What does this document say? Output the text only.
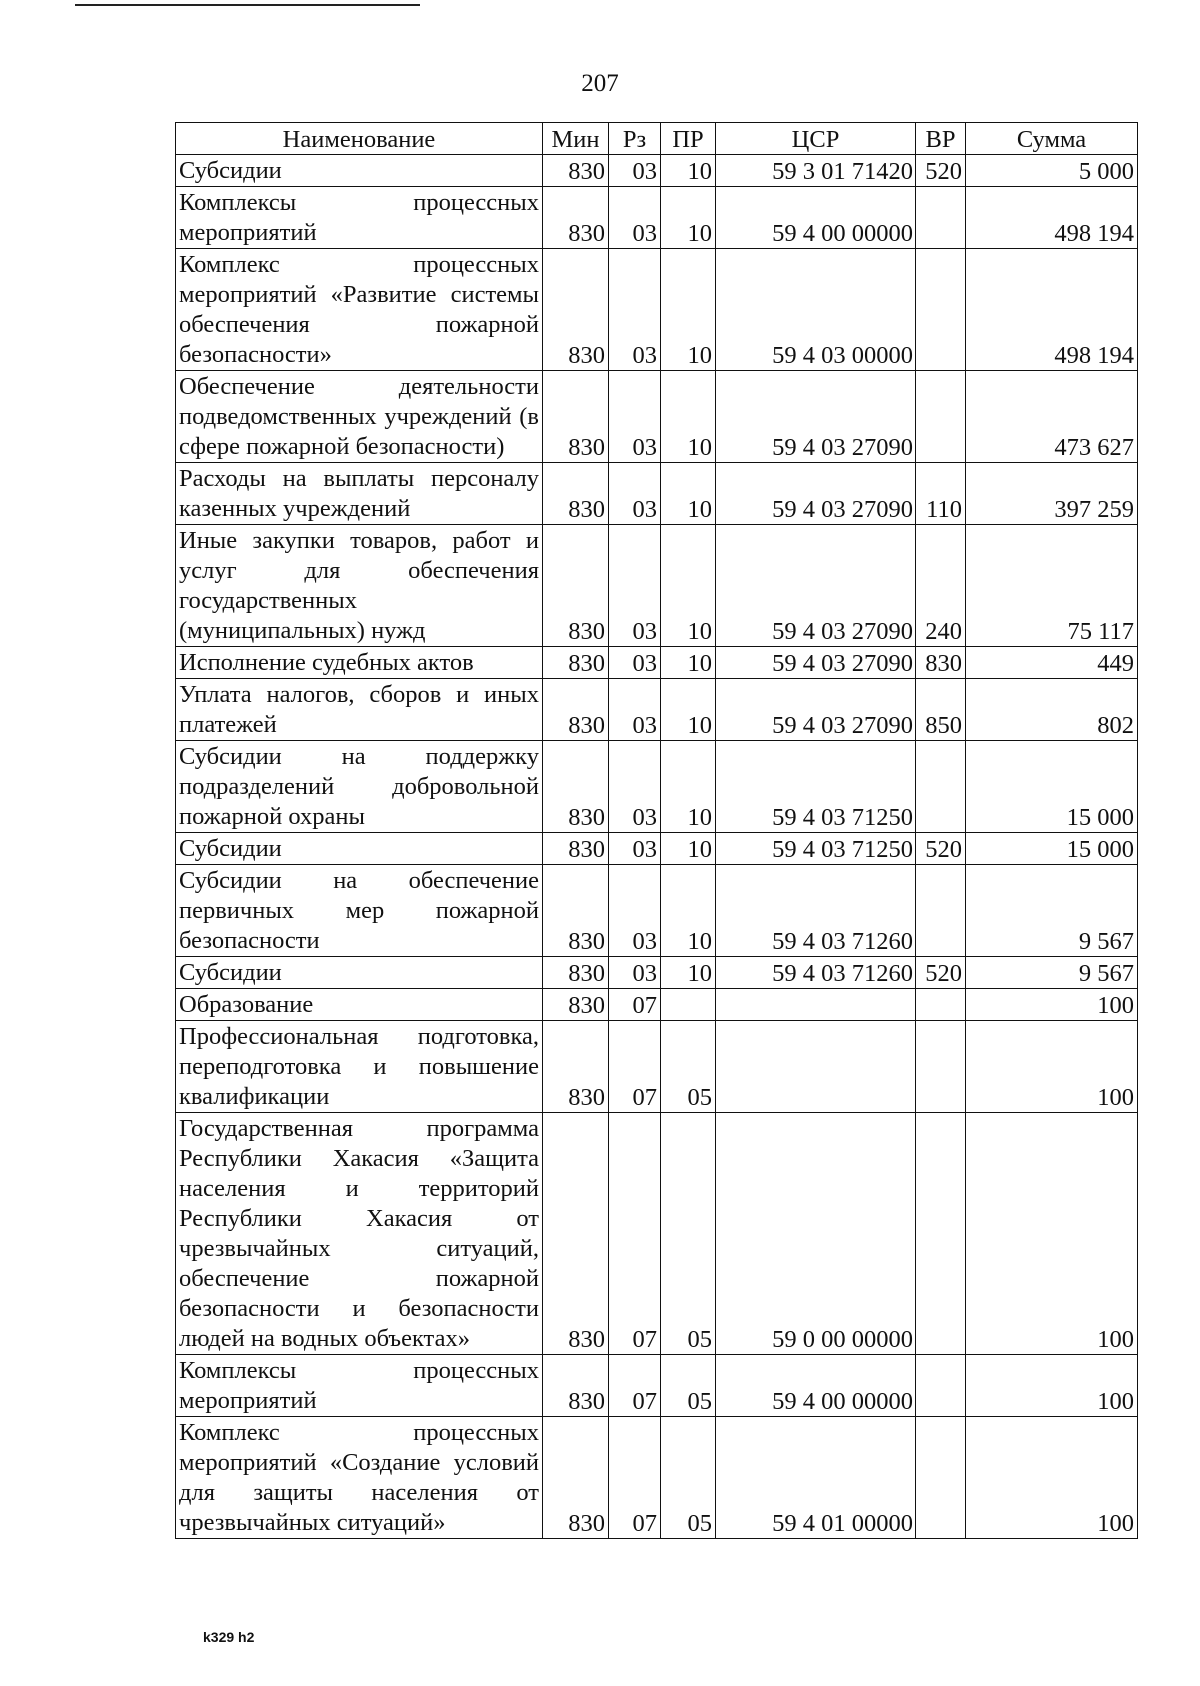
207
Наименование	Мин	Рз	ПР	ЦСР	ВР	Сумма
Субсидии	830	03	10	59 3 01 71420	520	5 000
Комплексы процессных мероприятий	830	03	10	59 4 00 00000		498 194
Комплекс процессных мероприятий «Развитие системы обеспечения пожарной безопасности»	830	03	10	59 4 03 00000		498 194
Обеспечение деятельности подведомственных учреждений (в сфере пожарной безопасности)	830	03	10	59 4 03 27090		473 627
Расходы на выплаты персоналу казенных учреждений	830	03	10	59 4 03 27090	110	397 259
Иные закупки товаров, работ и услуг для обеспечения государственных (муниципальных) нужд	830	03	10	59 4 03 27090	240	75 117
Исполнение судебных актов	830	03	10	59 4 03 27090	830	449
Уплата налогов, сборов и иных платежей	830	03	10	59 4 03 27090	850	802
Субсидии на поддержку подразделений добровольной пожарной охраны	830	03	10	59 4 03 71250		15 000
Субсидии	830	03	10	59 4 03 71250	520	15 000
Субсидии на обеспечение первичных мер пожарной безопасности	830	03	10	59 4 03 71260		9 567
Субсидии	830	03	10	59 4 03 71260	520	9 567
Образование	830	07				100
Профессиональная подготовка, переподготовка и повышение квалификации	830	07	05			100
Государственная программа Республики Хакасия «Защита населения и территорий Республики Хакасия от чрезвычайных ситуаций, обеспечение пожарной безопасности и безопасности людей на водных объектах»	830	07	05	59 0 00 00000		100
Комплексы процессных мероприятий	830	07	05	59 4 00 00000		100
Комплекс процессных мероприятий «Создание условий для защиты населения от чрезвычайных ситуаций»	830	07	05	59 4 01 00000		100
k329 h2
